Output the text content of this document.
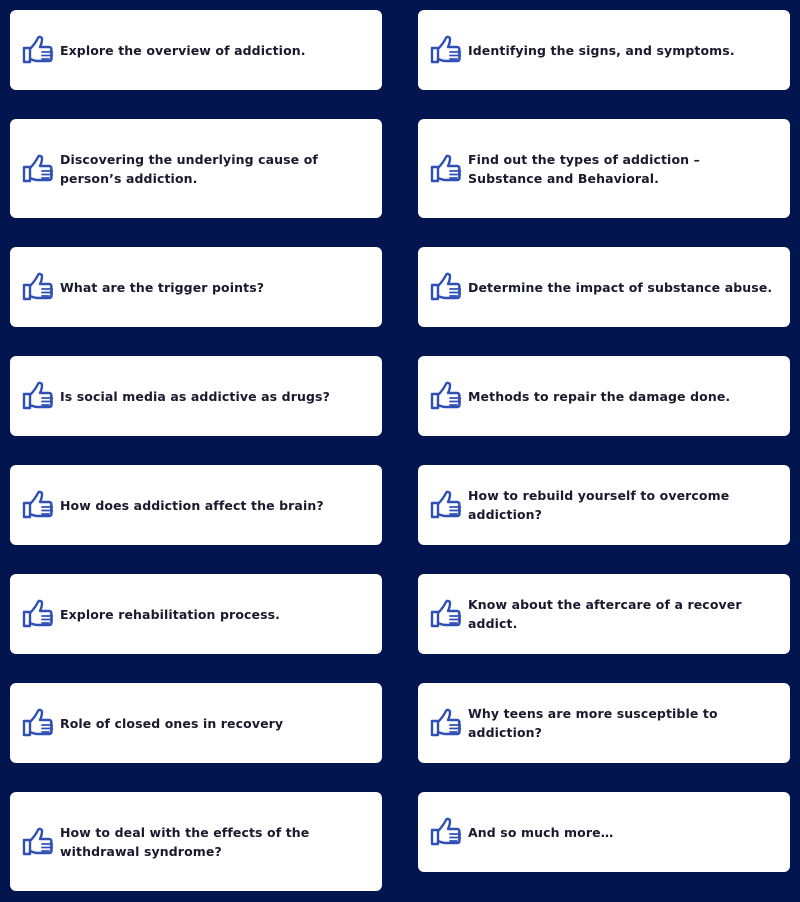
Explore the overview of addiction.	Identifying the signs, and symptoms.
Discovering the underlying cause of person’s addiction.
Find out the types of addiction – Substance and Behavioral.
What are the trigger points?	Determine the impact of substance abuse.
Is social media as addictive as drugs?	Methods to repair the damage done.
How does addiction affect the brain?
How to rebuild yourself to overcome addiction?
Explore rehabilitation process.
Know about the aftercare of a recover addict.
Role of closed ones in recovery
Why teens are more susceptible to addiction?
How to deal with the effects of the withdrawal syndrome?
And so much more…
